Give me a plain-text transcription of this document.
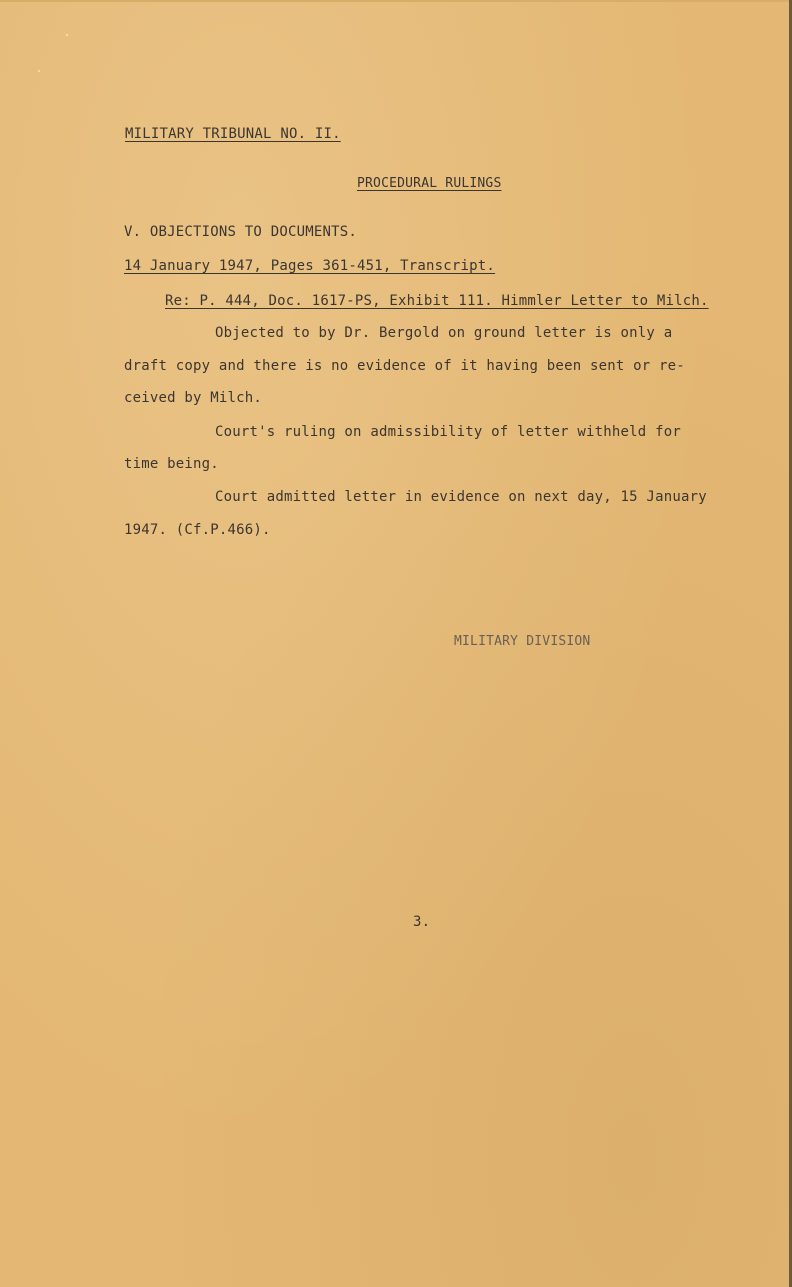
MILITARY TRIBUNAL NO. II.
PROCEDURAL RULINGS
V. OBJECTIONS TO DOCUMENTS.
14 January 1947, Pages 361-451, Transcript.
Re: P. 444, Doc. 1617-PS, Exhibit 111. Himmler Letter to Milch.
Objected to by Dr. Bergold on ground letter is only a
draft copy and there is no evidence of it having been sent or re-
ceived by Milch.
Court's ruling on admissibility of letter withheld for
time being.
Court admitted letter in evidence on next day, 15 January
1947. (Cf.P.466).
MILITARY DIVISION
3.
